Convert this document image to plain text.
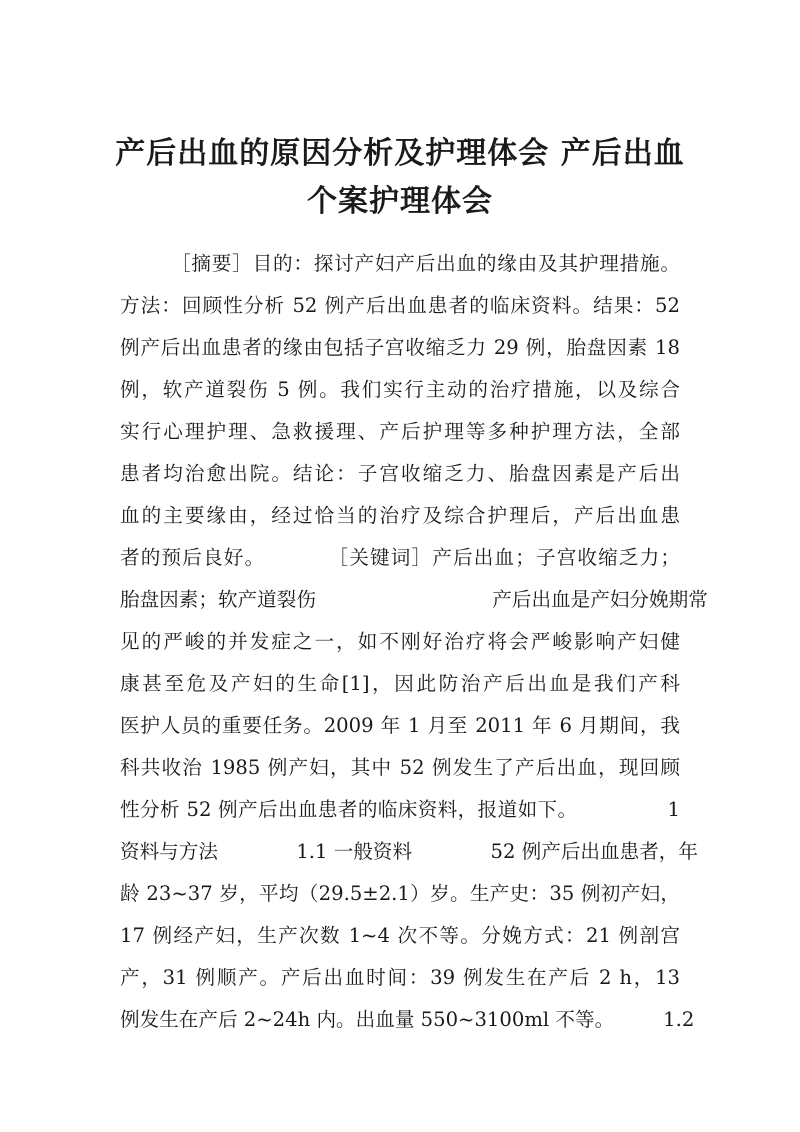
产后出血的原因分析及护理体会 产后出血
个案护理体会
［摘要］目的：探讨产妇产后出血的缘由及其护理措施。
方法：回顾性分析 52 例产后出血患者的临床资料。结果：52
例产后出血患者的缘由包括子宫收缩乏力 29 例，胎盘因素 18
例，软产道裂伤 5 例。我们实行主动的治疗措施，以及综合
实行心理护理、急救援理、产后护理等多种护理方法，全部
患者均治愈出院。结论：子宫收缩乏力、胎盘因素是产后出
血的主要缘由，经过恰当的治疗及综合护理后，产后出血患
者的预后良好。　　　　［关键词］产后出血；子宫收缩乏力；
胎盘因素；软产道裂伤　　　　　　　　　产后出血是产妇分娩期常
见的严峻的并发症之一，如不刚好治疗将会严峻影响产妇健
康甚至危及产妇的生命[1]，因此防治产后出血是我们产科
医护人员的重要任务。2009 年 1 月至 2011 年 6 月期间，我
科共收治 1985 例产妇，其中 52 例发生了产后出血，现回顾
性分析 52 例产后出血患者的临床资料，报道如下。　　　　　1
资料与方法　　　　1.1 一般资料　　　　52 例产后出血患者，年
龄 23~37 岁，平均（29.5±2.1）岁。生产史：35 例初产妇，
17 例经产妇，生产次数 1~4 次不等。分娩方式：21 例剖宫
产，31 例顺产。产后出血时间：39 例发生在产后 2 h，13
例发生在产后 2~24h 内。出血量 550~3100ml 不等。　　　1.2
